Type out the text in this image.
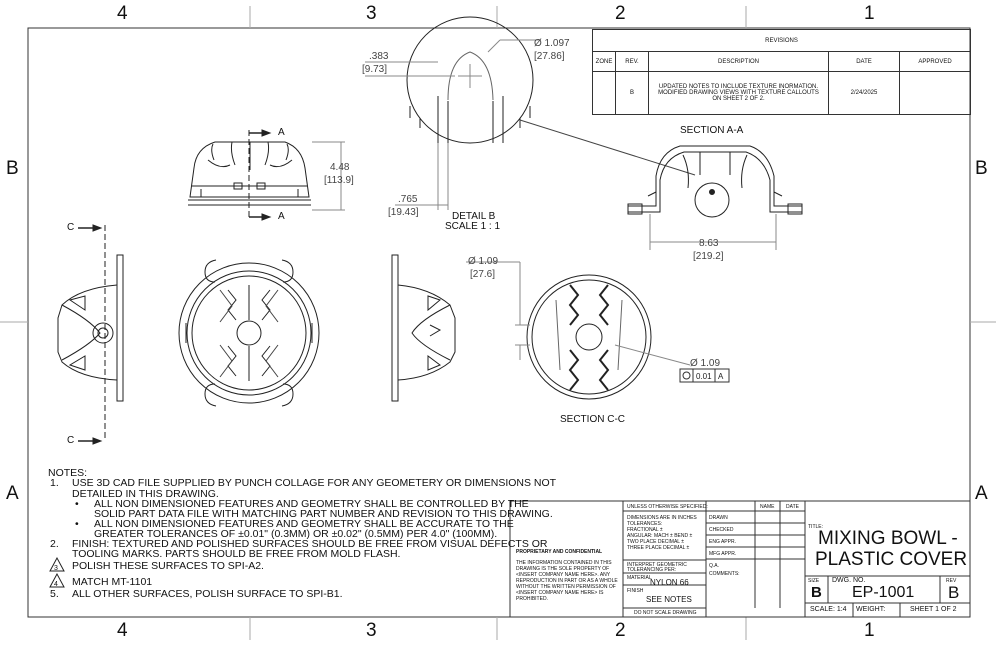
4	3	2	1
4	3	2	1
B
A
B
A
REVISIONS				
ZONE	REV.	DESCRIPTION	DATE	APPROVED
	B	UPDATED NOTES TO INCLUDE TEXTURE INORMATION.
MODIFIED DRAWING VIEWS WITH TEXTURE CALLOUTS
ON SHEET 2 OF 2.	2/24/2025	
SECTION A-A
SECTION C-C
DETAIL B
SCALE 1 : 1
A
A
C
C
Ø 1.097
[27.86]
.383
[9.73]
4.48
[113.9]
.765
[19.43]
8.63
[219.2]
Ø 1.09
[27.6]
Ø 1.09
0.01 A
NOTES:
1. USE 3D CAD FILE SUPPLIED BY PUNCH COLLAGE FOR ANY GEOMETERY OR DIMENSIONS NOT
DETAILED IN THIS DRAWING.
• ALL NON DIMENSIONED FEATURES AND GEOMETRY SHALL BE CONTROLLED BY THE
SOLID PART DATA FILE WITH MATCHING PART NUMBER AND REVISION TO THIS DRAWING.
• ALL NON DIMENSIONED FEATURES AND GEOMETRY SHALL BE ACCURATE TO THE
GREATER TOLERANCES OF ±0.01" (0.3MM) OR ±0.02" (0.5MM) PER 4.0" (100MM).
2. FINISH: TEXTURED AND POLISHED SURFACES SHOULD BE FREE FROM VISUAL DEFECTS OR
TOOLING MARKS. PARTS SHOULD BE FREE FROM MOLD FLASH.
3 POLISH THESE SURFACES TO SPI-A2.
4 MATCH MT-1101
5. ALL OTHER SURFACES, POLISH SURFACE TO SPI-B1.
PROPRIETARY AND CONFIDENTIAL
THE INFORMATION CONTAINED IN THIS
DRAWING IS THE SOLE PROPERTY OF
<INSERT COMPANY NAME HERE>. ANY
REPRODUCTION IN PART OR AS A WHOLE
WITHOUT THE WRITTEN PERMISSION OF
<INSERT COMPANY NAME HERE> IS
PROHIBITED.
UNLESS OTHERWISE SPECIFIED:
DIMENSIONS ARE IN INCHES
TOLERANCES:
FRACTIONAL ±
ANGULAR: MACH ± BEND ±
TWO PLACE DECIMAL ±
THREE PLACE DECIMAL ±
INTERPRET GEOMETRIC
TOLERANCING PER:
MATERIAL
NYLON 66
FINISH
SEE NOTES
DO NOT SCALE DRAWING
NAME DATE
DRAWN
CHECKED
ENG APPR.
MFG APPR.
Q.A.
COMMENTS:
TITLE:
MIXING BOWL -
PLASTIC COVER
SIZE
B
DWG. NO.
EP-1001
REV
B
SCALE: 1:4 WEIGHT:	SHEET 1 OF 2
